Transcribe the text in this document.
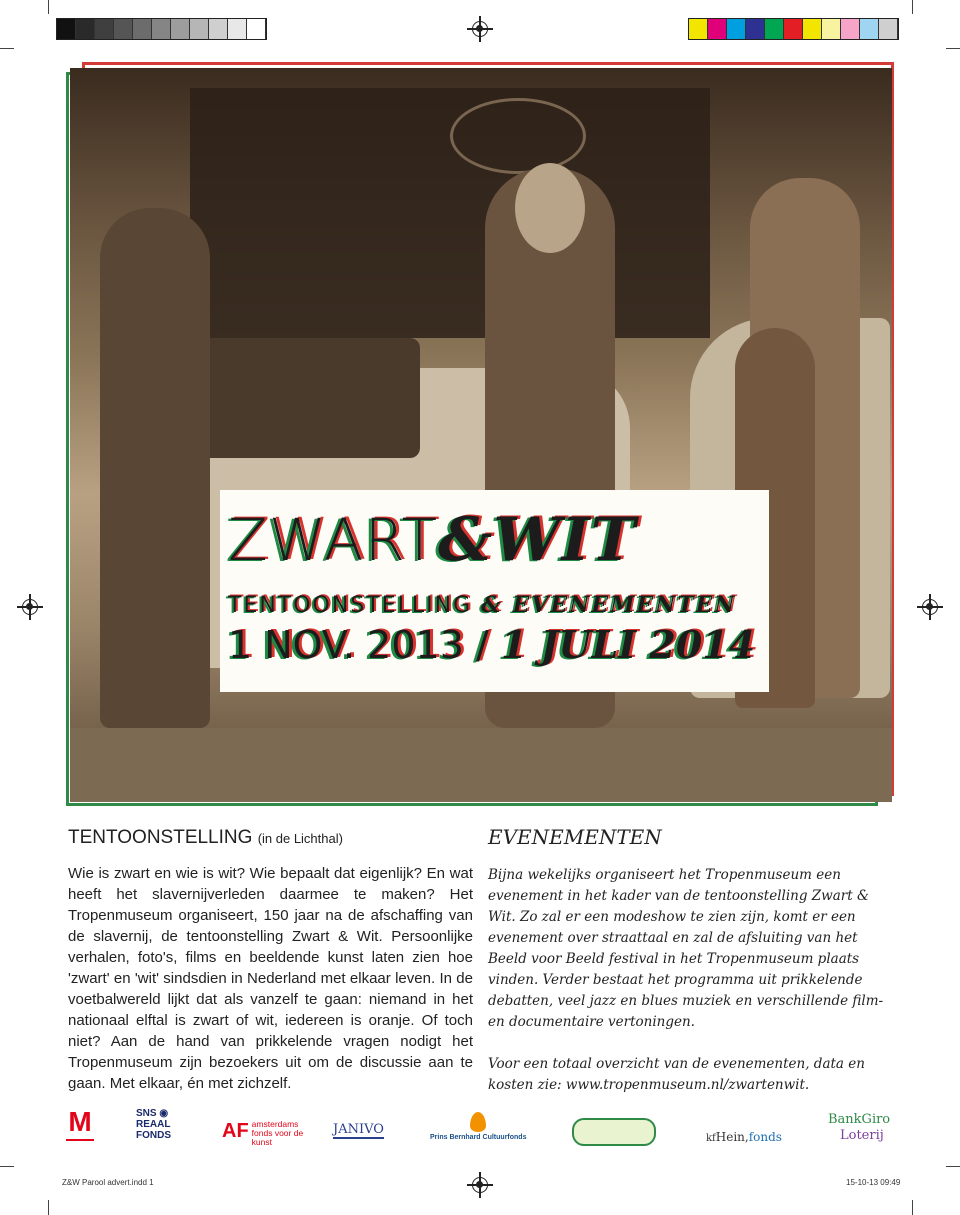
ZWART&WIT
TENTOONSTELLING & EVENEMENTEN
1 NOV. 2013 / 1 JULI 2014
TENTOONSTELLING (in de Lichthal)
Wie is zwart en wie is wit? Wie bepaalt dat eigenlijk? En wat heeft het slavernijverleden daarmee te maken? Het Tropenmuseum organiseert, 150 jaar na de afschaffing van de slavernij, de tentoonstelling Zwart & Wit. Persoonlijke verhalen, foto's, films en beeldende kunst laten zien hoe 'zwart' en 'wit' sindsdien in Nederland met elkaar leven. In de voetbalwereld lijkt dat als vanzelf te gaan: niemand in het nationaal elftal is zwart of wit, iedereen is oranje. Of toch niet? Aan de hand van prikkelende vragen nodigt het Tropenmuseum zijn bezoekers uit om de discussie aan te gaan. Met elkaar, én met zichzelf.
EVENEMENTEN

Bijna wekelijks organiseert het Tropenmuseum een evenement in het kader van de tentoonstelling Zwart & Wit. Zo zal er een modeshow te zien zijn, komt er een evenement over straattaal en zal de afsluiting van het Beeld voor Beeld festival in het Tropenmuseum plaats vinden. Verder bestaat het programma uit prikkelende debatten, veel jazz en blues muziek en verschillende film- en documentaire vertoningen.

Voor een totaal overzicht van de evenementen, data en kosten zie: www.tropenmuseum.nl/zwartenwit.

M	SNS ◉
REAAL
FONDS	AF amsterdams
fonds voor de
kunst
JANIVO
Prins Bernhard Cultuurfonds	kfHein,fonds
BankGiro
Loterij
Z&W Parool advert.indd 1	15-10-13 09:49
